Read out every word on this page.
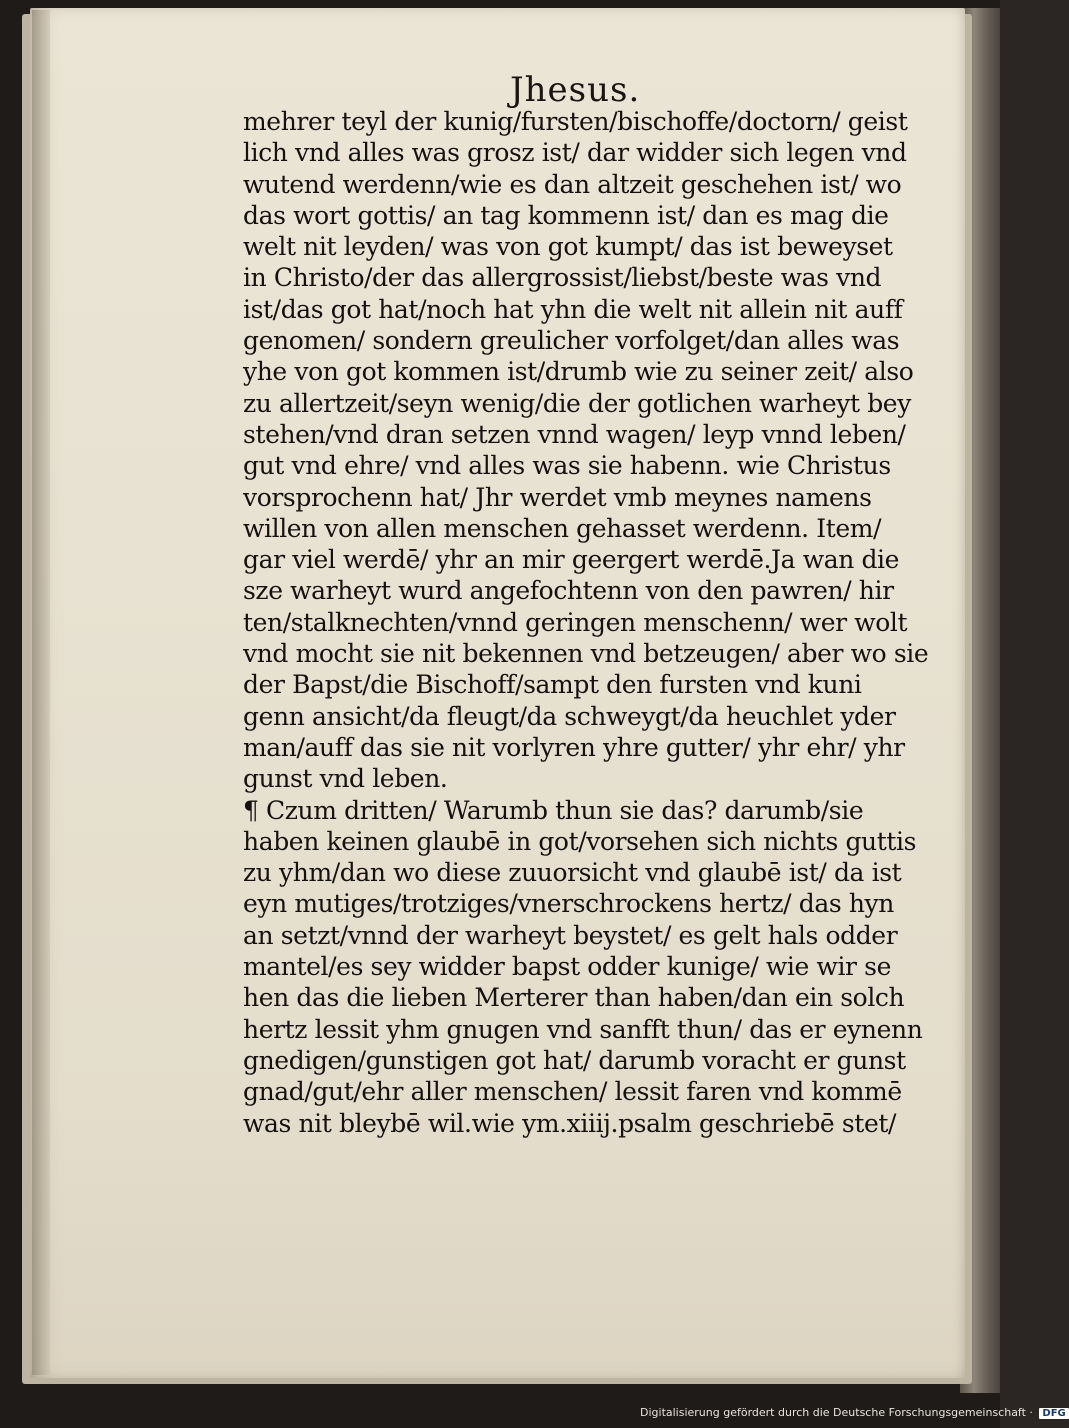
Jhesus.
mehrer teyl der kunig/fursten/bischoffe/doctorn/ geist
lich vnd alles was grosz ist/ dar widder sich legen vnd
wutend werdenn/wie es dan altzeit geschehen ist/ wo
das wort gottis/ an tag kommenn ist/ dan es mag die
welt nit leyden/ was von got kumpt/ das ist beweyset
in Christo/der das allergrossist/liebst/beste was vnd
ist/das got hat/noch hat yhn die welt nit allein nit auff
genomen/ sondern greulicher vorfolget/dan alles was
yhe von got kommen ist/drumb wie zu seiner zeit/ also
zu allertzeit/seyn wenig/die der gotlichen warheyt bey
stehen/vnd dran setzen vnnd wagen/ leyp vnnd leben/
gut vnd ehre/ vnd alles was sie habenn. wie Christus
vorsprochenn hat/ Jhr werdet vmb meynes namens
willen von allen menschen gehasset werdenn. Item/
gar viel werdē/ yhr an mir geergert werdē.Ja wan die
sze warheyt wurd angefochtenn von den pawren/ hir
ten/stalknechten/vnnd geringen menschenn/ wer wolt
vnd mocht sie nit bekennen vnd betzeugen/ aber wo sie
der Bapst/die Bischoff/sampt den fursten vnd kuni
genn ansicht/da fleugt/da schweygt/da heuchlet yder
man/auff das sie nit vorlyren yhre gutter/ yhr ehr/ yhr
gunst vnd leben.
¶ Czum dritten/ Warumb thun sie das? darumb/sie
haben keinen glaubē in got/vorsehen sich nichts guttis
zu yhm/dan wo diese zuuorsicht vnd glaubē ist/ da ist
eyn mutiges/trotziges/vnerschrockens hertz/ das hyn
an setzt/vnnd der warheyt beystet/ es gelt hals odder
mantel/es sey widder bapst odder kunige/ wie wir se
hen das die lieben Merterer than haben/dan ein solch
hertz lessit yhm gnugen vnd sanfft thun/ das er eynenn
gnedigen/gunstigen got hat/ darumb voracht er gunst
gnad/gut/ehr aller menschen/ lessit faren vnd kommē
was nit bleybē wil.wie ym.xiiij.psalm geschriebē stet/
Digitalisierung gefördert durch die Deutsche Forschungsgemeinschaft · DFG
